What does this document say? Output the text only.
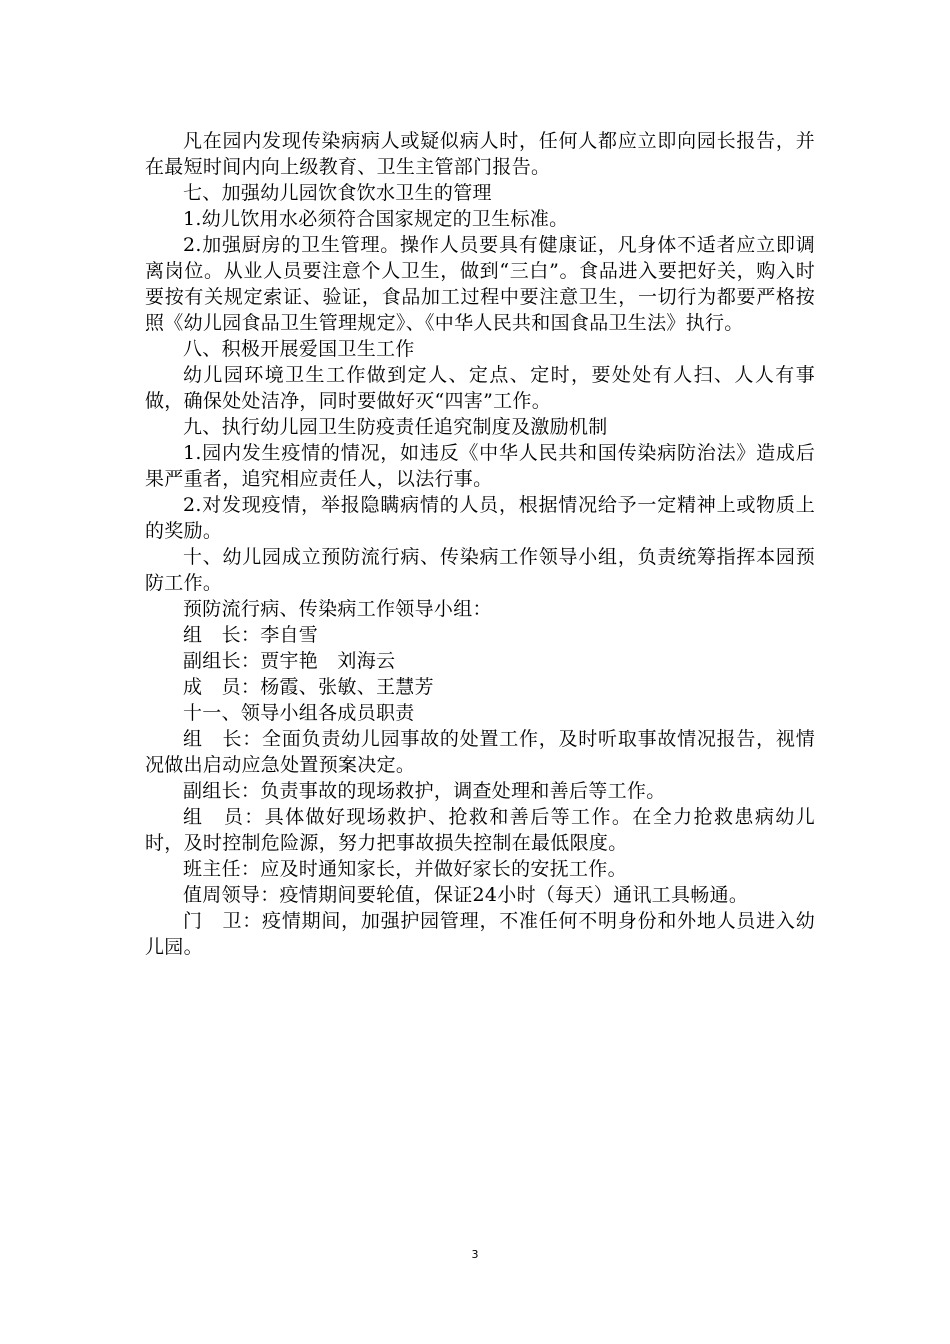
凡在园内发现传染病病人或疑似病人时，任何人都应立即向园长报告，并在最短时间内向上级教育、卫生主管部门报告。

七、加强幼儿园饮食饮水卫生的管理

1.幼儿饮用水必须符合国家规定的卫生标准。

2.加强厨房的卫生管理。操作人员要具有健康证，凡身体不适者应立即调离岗位。从业人员要注意个人卫生，做到“三白”。食品进入要把好关，购入时要按有关规定索证、验证，食品加工过程中要注意卫生，一切行为都要严格按照《幼儿园食品卫生管理规定》、《中华人民共和国食品卫生法》执行。

八、积极开展爱国卫生工作

幼儿园环境卫生工作做到定人、定点、定时，要处处有人扫、人人有事做，确保处处洁净，同时要做好灭“四害”工作。

九、执行幼儿园卫生防疫责任追究制度及激励机制

1.园内发生疫情的情况，如违反《中华人民共和国传染病防治法》造成后果严重者，追究相应责任人，以法行事。

2.对发现疫情，举报隐瞒病情的人员，根据情况给予一定精神上或物质上的奖励。

十、幼儿园成立预防流行病、传染病工作领导小组，负责统筹指挥本园预防工作。

预防流行病、传染病工作领导小组：

组　长：李自雪

副组长：贾宇艳　刘海云

成　员：杨霞、张敏、王慧芳

十一、领导小组各成员职责

组　长：全面负责幼儿园事故的处置工作，及时听取事故情况报告，视情况做出启动应急处置预案决定。

副组长：负责事故的现场救护，调查处理和善后等工作。

组　员：具体做好现场救护、抢救和善后等工作。在全力抢救患病幼儿时，及时控制危险源，努力把事故损失控制在最低限度。

班主任：应及时通知家长，并做好家长的安抚工作。

值周领导：疫情期间要轮值，保证24小时（每天）通讯工具畅通。

门　卫：疫情期间，加强护园管理，不准任何不明身份和外地人员进入幼儿园。

3
